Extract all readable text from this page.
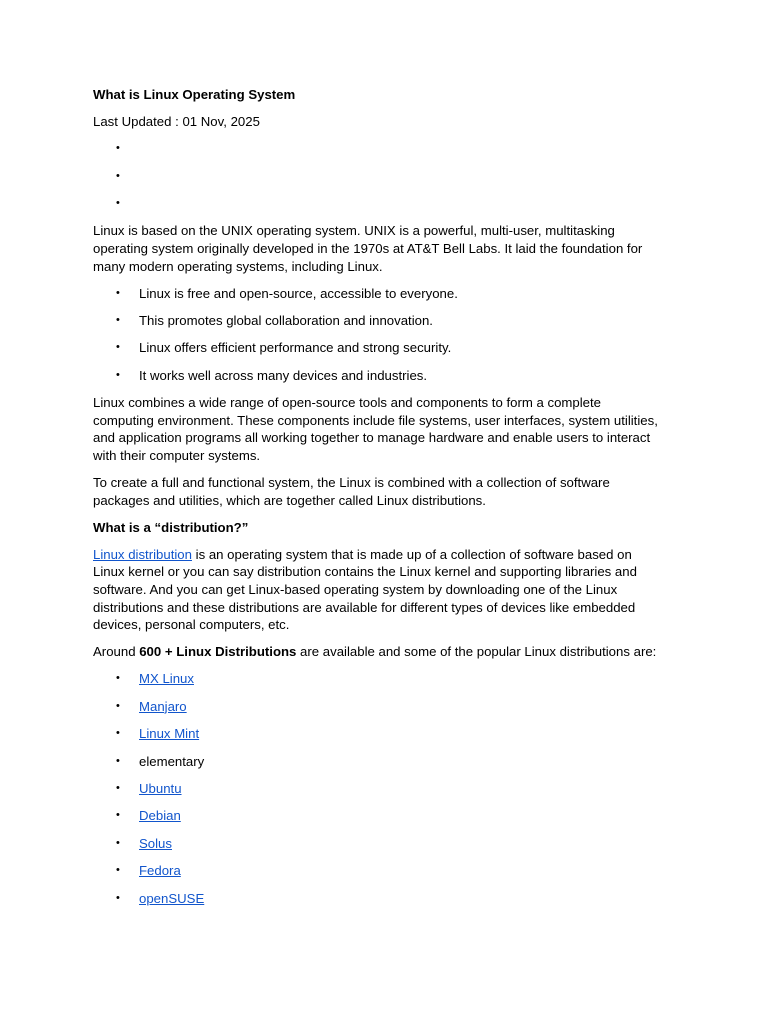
What is Linux Operating System

Last Updated : 01 Nov, 2025

•
•
•

Linux is based on the UNIX operating system. UNIX is a powerful, multi-user, multitasking operating system originally developed in the 1970s at AT&T Bell Labs. It laid the foundation for many modern operating systems, including Linux.

• Linux is free and open-source, accessible to everyone.
• This promotes global collaboration and innovation.
• Linux offers efficient performance and strong security.
• It works well across many devices and industries.

Linux combines a wide range of open-source tools and components to form a complete computing environment. These components include file systems, user interfaces, system utilities, and application programs all working together to manage hardware and enable users to interact with their computer systems.

To create a full and functional system, the Linux is combined with a collection of software packages and utilities, which are together called Linux distributions.

What is a “distribution?”

Linux distribution is an operating system that is made up of a collection of software based on Linux kernel or you can say distribution contains the Linux kernel and supporting libraries and software. And you can get Linux-based operating system by downloading one of the Linux distributions and these distributions are available for different types of devices like embedded devices, personal computers, etc.

Around 600 + Linux Distributions are available and some of the popular Linux distributions are:

• MX Linux
• Manjaro
• Linux Mint
• elementary
• Ubuntu
• Debian
• Solus
• Fedora
• openSUSE
